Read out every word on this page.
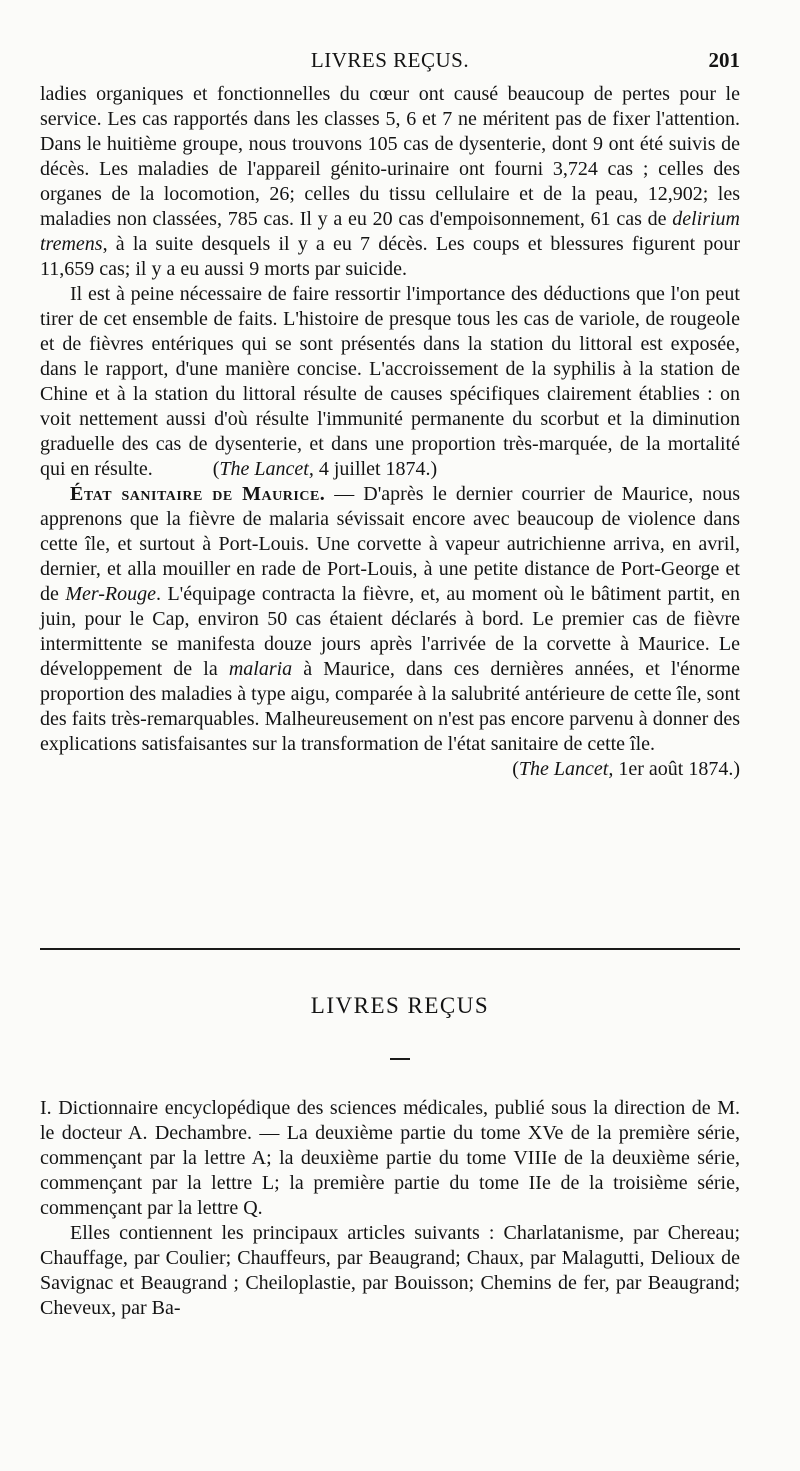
LIVRES REÇUS.	201

ladies organiques et fonctionnelles du cœur ont causé beaucoup de pertes pour le service. Les cas rapportés dans les classes 5, 6 et 7 ne méritent pas de fixer l'attention. Dans le huitième groupe, nous trouvons 105 cas de dysenterie, dont 9 ont été suivis de décès. Les maladies de l'appareil génito-urinaire ont fourni 3,724 cas ; celles des organes de la locomotion, 26; celles du tissu cellulaire et de la peau, 12,902; les maladies non classées, 785 cas. Il y a eu 20 cas d'empoisonnement, 61 cas de delirium tremens, à la suite desquels il y a eu 7 décès. Les coups et blessures figurent pour 11,659 cas; il y a eu aussi 9 morts par suicide.

Il est à peine nécessaire de faire ressortir l'importance des déductions que l'on peut tirer de cet ensemble de faits. L'histoire de presque tous les cas de variole, de rougeole et de fièvres entériques qui se sont présentés dans la station du littoral est exposée, dans le rapport, d'une manière concise. L'accroissement de la syphilis à la station de Chine et à la station du littoral résulte de causes spécifiques clairement établies : on voit nettement aussi d'où résulte l'immunité permanente du scorbut et la diminution graduelle des cas de dysenterie, et dans une proportion très-marquée, de la mortalité qui en résulte.	(The Lancet, 4 juillet 1874.)

État sanitaire de Maurice. — D'après le dernier courrier de Maurice, nous apprenons que la fièvre de malaria sévissait encore avec beaucoup de violence dans cette île, et surtout à Port-Louis. Une corvette à vapeur autrichienne arriva, en avril, dernier, et alla mouiller en rade de Port-Louis, à une petite distance de Port-George et de Mer-Rouge. L'équipage contracta la fièvre, et, au moment où le bâtiment partit, en juin, pour le Cap, environ 50 cas étaient déclarés à bord. Le premier cas de fièvre intermittente se manifesta douze jours après l'arrivée de la corvette à Maurice. Le développement de la malaria à Maurice, dans ces dernières années, et l'énorme proportion des maladies à type aigu, comparée à la salubrité antérieure de cette île, sont des faits très-remarquables. Malheureusement on n'est pas encore parvenu à donner des explications satisfaisantes sur la transformation de l'état sanitaire de cette île.

(The Lancet, 1er août 1874.)

LIVRES REÇUS

I. Dictionnaire encyclopédique des sciences médicales, publié sous la direction de M. le docteur A. Dechambre. — La deuxième partie du tome XVe de la première série, commençant par la lettre A; la deuxième partie du tome VIIIe de la deuxième série, commençant par la lettre L; la première partie du tome IIe de la troisième série, commençant par la lettre Q.

Elles contiennent les principaux articles suivants : Charlatanisme, par Chereau; Chauffage, par Coulier; Chauffeurs, par Beaugrand; Chaux, par Malagutti, Delioux de Savignac et Beaugrand ; Cheiloplastie, par Bouisson; Chemins de fer, par Beaugrand; Cheveux, par Ba-
